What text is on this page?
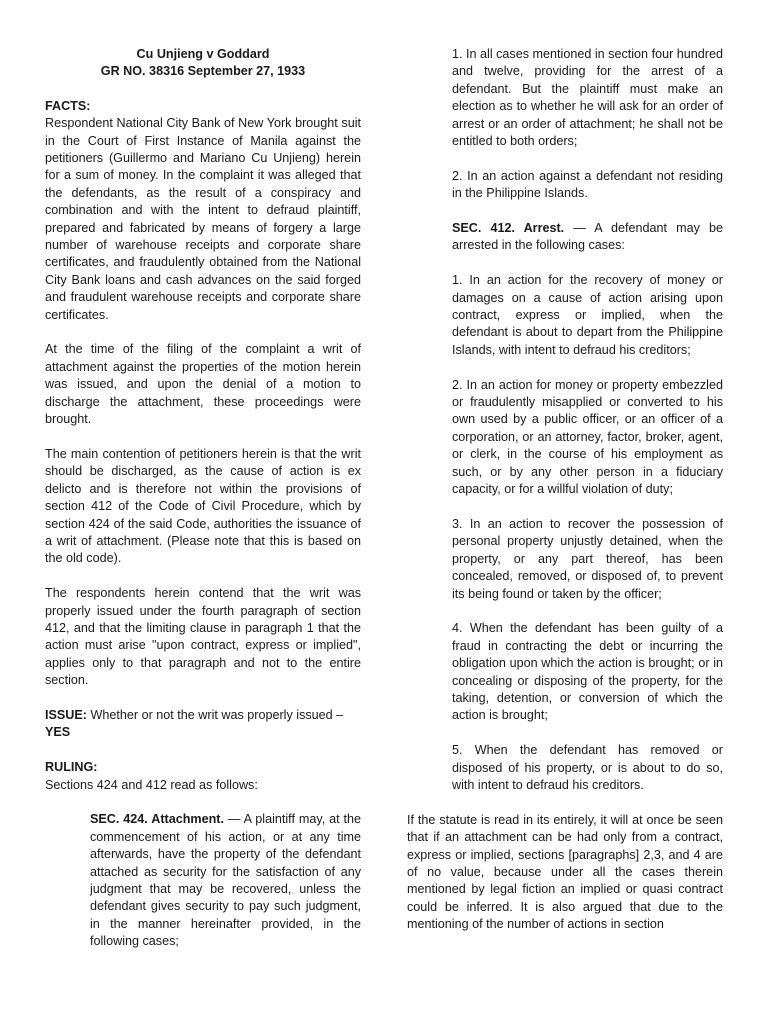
Cu Unjieng v Goddard

GR NO. 38316 September 27, 1933

FACTS:

Respondent National City Bank of New York brought suit in the Court of First Instance of Manila against the petitioners (Guillermo and Mariano Cu Unjieng) herein for a sum of money. In the complaint it was alleged that the defendants, as the result of a conspiracy and combination and with the intent to defraud plaintiff, prepared and fabricated by means of forgery a large number of warehouse receipts and corporate share certificates, and fraudulently obtained from the National City Bank loans and cash advances on the said forged and fraudulent warehouse receipts and corporate share certificates.

At the time of the filing of the complaint a writ of attachment against the properties of the motion herein was issued, and upon the denial of a motion to discharge the attachment, these proceedings were brought.

The main contention of petitioners herein is that the writ should be discharged, as the cause of action is ex delicto and is therefore not within the provisions of section 412 of the Code of Civil Procedure, which by section 424 of the said Code, authorities the issuance of a writ of attachment. (Please note that this is based on the old code).

The respondents herein contend that the writ was properly issued under the fourth paragraph of section 412, and that the limiting clause in paragraph 1 that the action must arise "upon contract, express or implied", applies only to that paragraph and not to the entire section.

ISSUE: Whether or not the writ was properly issued –
YES

RULING:

Sections 424 and 412 read as follows:

SEC. 424. Attachment. — A plaintiff may, at the commencement of his action, or at any time afterwards, have the property of the defendant attached as security for the satisfaction of any judgment that may be recovered, unless the defendant gives security to pay such judgment, in the manner hereinafter provided, in the following cases;

1. In all cases mentioned in section four hundred and twelve, providing for the arrest of a defendant. But the plaintiff must make an election as to whether he will ask for an order of arrest or an order of attachment; he shall not be entitled to both orders;

2. In an action against a defendant not residing in the Philippine Islands.

SEC. 412. Arrest. — A defendant may be arrested in the following cases:

1. In an action for the recovery of money or damages on a cause of action arising upon contract, express or implied, when the defendant is about to depart from the Philippine Islands, with intent to defraud his creditors;

2. In an action for money or property embezzled or fraudulently misapplied or converted to his own used by a public officer, or an officer of a corporation, or an attorney, factor, broker, agent, or clerk, in the course of his employment as such, or by any other person in a fiduciary capacity, or for a willful violation of duty;

3. In an action to recover the possession of personal property unjustly detained, when the property, or any part thereof, has been concealed, removed, or disposed of, to prevent its being found or taken by the officer;

4. When the defendant has been guilty of a fraud in contracting the debt or incurring the obligation upon which the action is brought; or in concealing or disposing of the property, for the taking, detention, or conversion of which the action is brought;

5. When the defendant has removed or disposed of his property, or is about to do so, with intent to defraud his creditors.

If the statute is read in its entirely, it will at once be seen that if an attachment can be had only from a contract, express or implied, sections [paragraphs] 2,3, and 4 are of no value, because under all the cases therein mentioned by legal fiction an implied or quasi contract could be inferred. It is also argued that due to the mentioning of the number of actions in section
